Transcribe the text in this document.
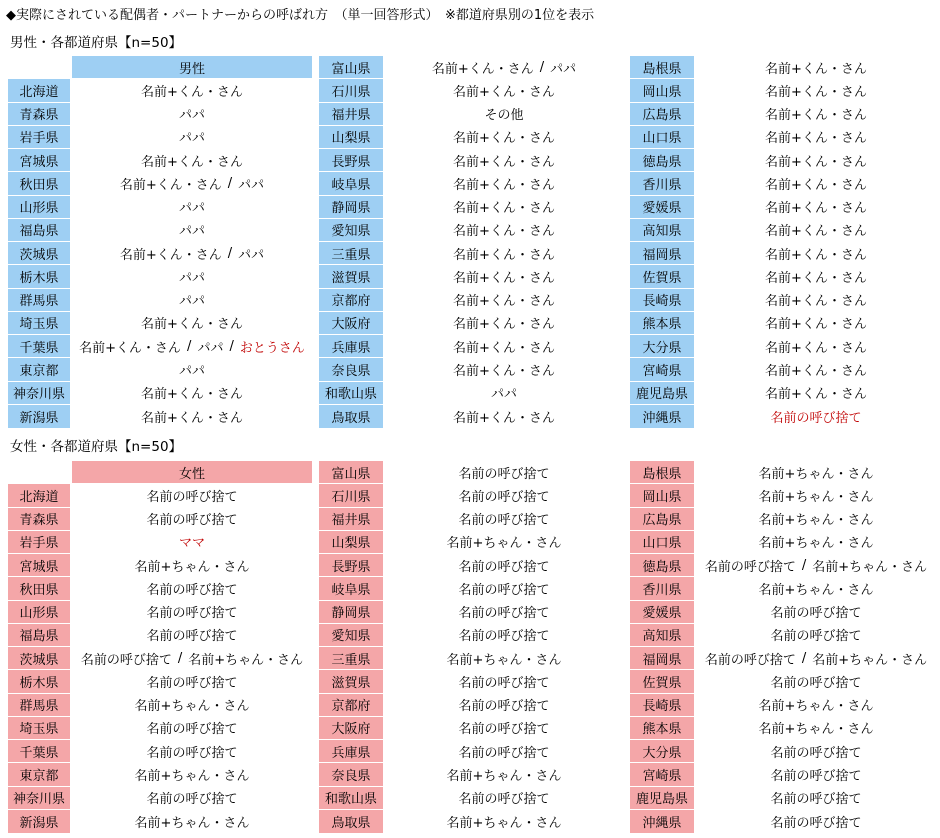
◆実際にされている配偶者・パートナーからの呼ばれ方　（単一回答形式）　※都道府県別の1位を表示
男性・各都道府県【n=50】
男性
北海道	名前+くん・さん
青森県	パパ
岩手県	パパ
宮城県	名前+くん・さん
秋田県	名前+くん・さん / パパ
山形県	パパ
福島県	パパ
茨城県	名前+くん・さん / パパ
栃木県	パパ
群馬県	パパ
埼玉県	名前+くん・さん
千葉県	名前+くん・さん / パパ / おとうさん
東京都	パパ
神奈川県	名前+くん・さん
新潟県	名前+くん・さん
富山県	名前+くん・さん / パパ
石川県	名前+くん・さん
福井県	その他
山梨県	名前+くん・さん
長野県	名前+くん・さん
岐阜県	名前+くん・さん
静岡県	名前+くん・さん
愛知県	名前+くん・さん
三重県	名前+くん・さん
滋賀県	名前+くん・さん
京都府	名前+くん・さん
大阪府	名前+くん・さん
兵庫県	名前+くん・さん
奈良県	名前+くん・さん
和歌山県	パパ
鳥取県	名前+くん・さん
島根県	名前+くん・さん
岡山県	名前+くん・さん
広島県	名前+くん・さん
山口県	名前+くん・さん
徳島県	名前+くん・さん
香川県	名前+くん・さん
愛媛県	名前+くん・さん
高知県	名前+くん・さん
福岡県	名前+くん・さん
佐賀県	名前+くん・さん
長崎県	名前+くん・さん
熊本県	名前+くん・さん
大分県	名前+くん・さん
宮崎県	名前+くん・さん
鹿児島県	名前+くん・さん
沖縄県	名前の呼び捨て
女性・各都道府県【n=50】
女性
北海道	名前の呼び捨て
青森県	名前の呼び捨て
岩手県	ママ
宮城県	名前+ちゃん・さん
秋田県	名前の呼び捨て
山形県	名前の呼び捨て
福島県	名前の呼び捨て
茨城県	名前の呼び捨て / 名前+ちゃん・さん
栃木県	名前の呼び捨て
群馬県	名前+ちゃん・さん
埼玉県	名前の呼び捨て
千葉県	名前の呼び捨て
東京都	名前+ちゃん・さん
神奈川県	名前の呼び捨て
新潟県	名前+ちゃん・さん
富山県	名前の呼び捨て
石川県	名前の呼び捨て
福井県	名前の呼び捨て
山梨県	名前+ちゃん・さん
長野県	名前の呼び捨て
岐阜県	名前の呼び捨て
静岡県	名前の呼び捨て
愛知県	名前の呼び捨て
三重県	名前+ちゃん・さん
滋賀県	名前の呼び捨て
京都府	名前の呼び捨て
大阪府	名前の呼び捨て
兵庫県	名前の呼び捨て
奈良県	名前+ちゃん・さん
和歌山県	名前の呼び捨て
鳥取県	名前+ちゃん・さん
島根県	名前+ちゃん・さん
岡山県	名前+ちゃん・さん
広島県	名前+ちゃん・さん
山口県	名前+ちゃん・さん
徳島県	名前の呼び捨て / 名前+ちゃん・さん
香川県	名前+ちゃん・さん
愛媛県	名前の呼び捨て
高知県	名前の呼び捨て
福岡県	名前の呼び捨て / 名前+ちゃん・さん
佐賀県	名前の呼び捨て
長崎県	名前+ちゃん・さん
熊本県	名前+ちゃん・さん
大分県	名前の呼び捨て
宮崎県	名前の呼び捨て
鹿児島県	名前の呼び捨て
沖縄県	名前の呼び捨て
